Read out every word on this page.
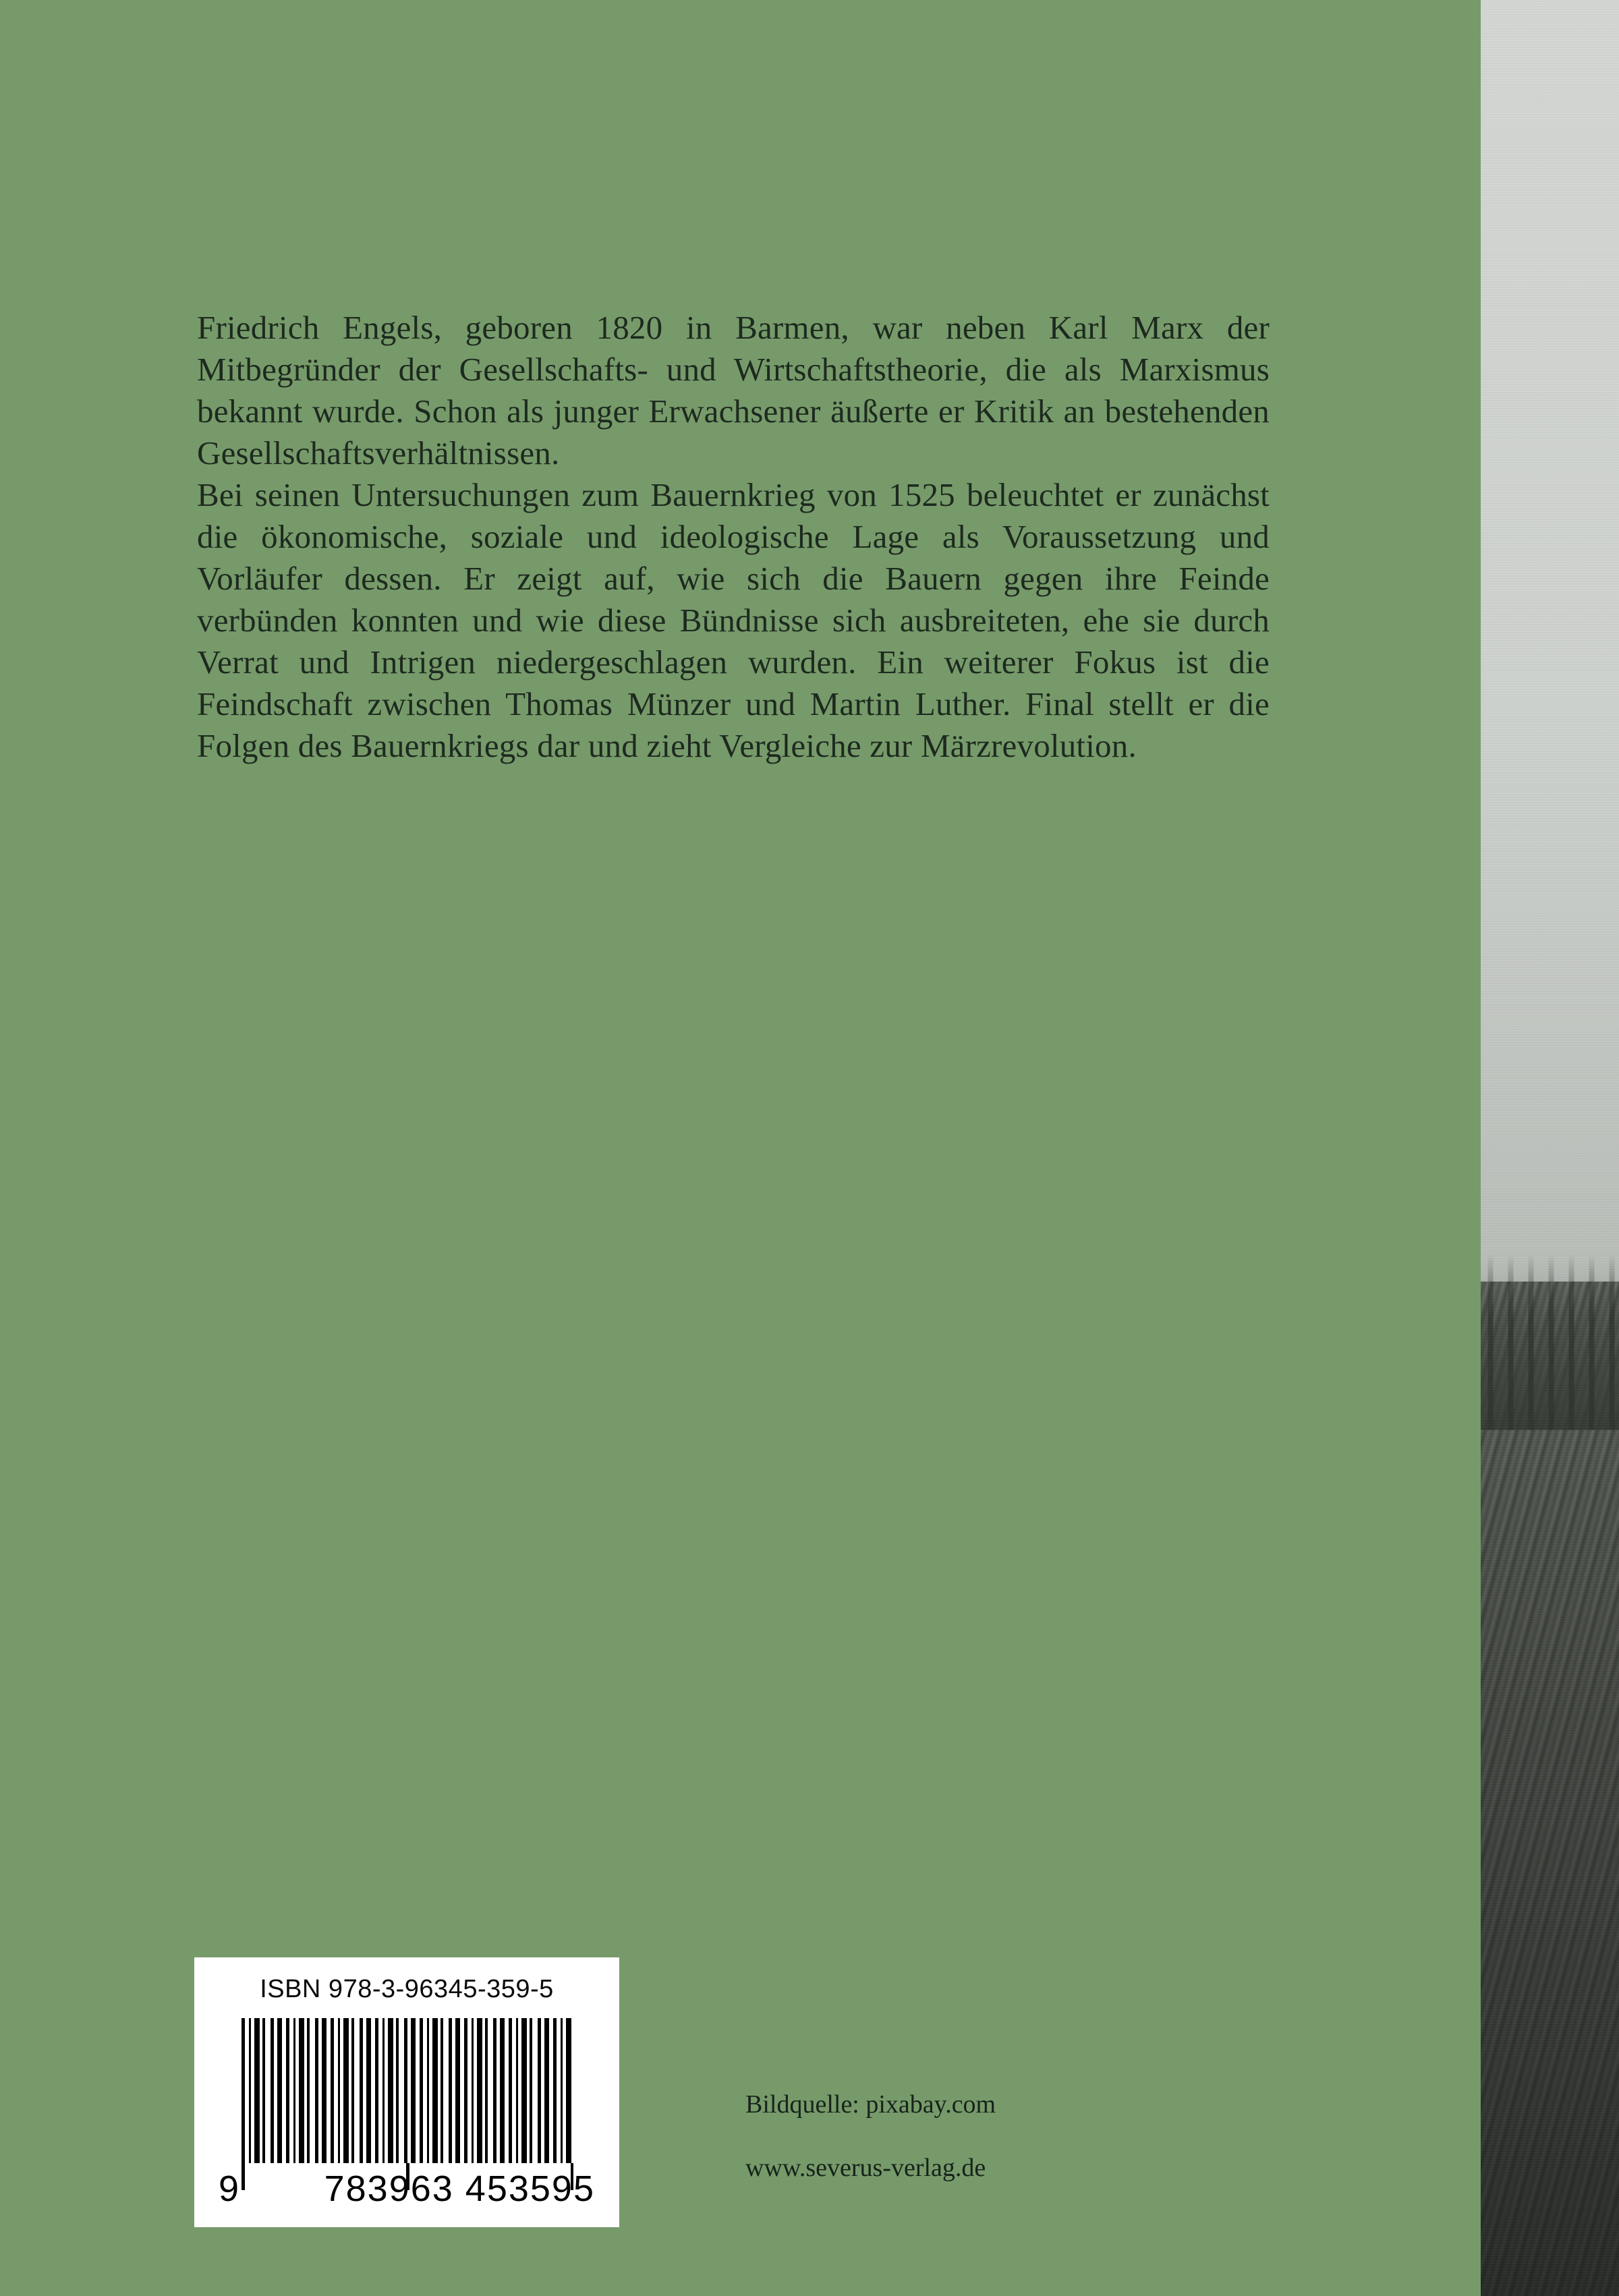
Friedrich Engels, geboren 1820 in Barmen, war neben Karl Marx der Mitbegründer der Gesellschafts- und Wirtschaftstheorie, die als Marxismus bekannt wurde. Schon als junger Erwachsener äußerte er Kritik an bestehenden Gesellschaftsverhältnissen.

Bei seinen Untersuchungen zum Bauernkrieg von 1525 beleuchtet er zunächst die ökonomische, soziale und ideologische Lage als Voraussetzung und Vorläufer dessen. Er zeigt auf, wie sich die Bauern gegen ihre Feinde verbünden konnten und wie diese Bündnisse sich ausbreiteten, ehe sie durch Verrat und Intrigen niedergeschlagen wurden. Ein weiterer Fokus ist die Feindschaft zwischen Thomas Münzer und Martin Luther. Final stellt er die Folgen des Bauernkriegs dar und zieht Vergleiche zur Märzrevolution.

ISBN 978-3-96345-359-5
9 783963 453595
Bildquelle: pixabay.com
www.severus-verlag.de
